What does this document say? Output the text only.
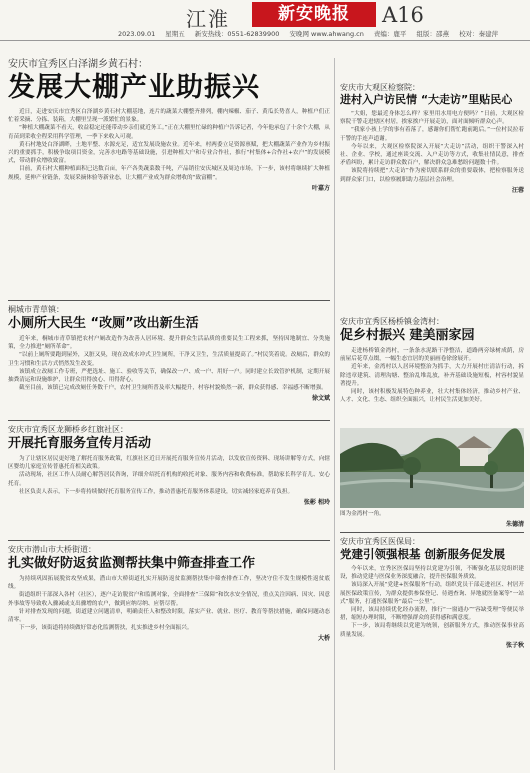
江淮	新安晚报	A16
2023.09.01 星期五 新安热线：0551-62839900 安晚网 www.ahwang.cn 责编：鹿平 组版：邵燕 校对：秦建萍
安庆市宜秀区白泽湖乡黄石村：
发展大棚产业助振兴

近日，走进安庆市宜秀区白泽湖乡黄石村大棚基地，连片的蔬菜大棚整齐排列，棚内辣椒、茄子、黄瓜长势喜人，种植户们正忙着采摘、分拣、装箱，大棚里呈现一派繁忙的景象。

“种植大棚蔬菜不看天，收益稳定还能带动乡亲们就近务工。”正在大棚里忙碌的种植户告诉记者，今年他承包了十余个大棚，从育苗到采收全程采用科学管理，一季下来收入可观。

黄石村地处白泽湖畔，土地平整、水源充足，适宜发展设施农业。近年来，村两委立足资源禀赋，把大棚蔬菜产业作为乡村振兴的重要抓手，积极争取项目资金，完善水电路等基础设施，引进种植大户和专业合作社，推行“村集体+合作社+农户”的发展模式，带动群众增收致富。

目前，黄石村大棚种植面积已达数百亩，年产各类蔬菜数千吨，产品销往安庆城区及周边市场。下一步，该村将继续扩大种植规模，延伸产业链条，发展采摘体验等新业态，让大棚产业成为群众增收的“致富棚”。

叶嘉方
安庆市大观区检察院：
进村入户访民情 “大走访”里贴民心

“大姐，您最近身体怎么样？家里用水用电方便吗？”日前，大观区检察院干警走进辖区村居，挨家挨户开展走访，面对面倾听群众心声。

“我家小孩上学的事有着落了，感谢你们帮忙跑前跑后。”一位村民拉着干警的手连声道谢。

今年以来，大观区检察院深入开展“大走访”活动，组织干警深入村社、企业、学校，通过座谈交流、入户走访等方式，收集社情民意，排查矛盾纠纷，累计走访群众数百户，解决群众急难愁盼问题数十件。

该院将持续把“大走访”作为密切联系群众的重要载体，把检察服务送到群众家门口，以检察履职助力基层社会治理。

汪蓉
桐城市青草镇：
小厕所大民生 “改厕”改出新生活

近年来，桐城市青草镇把农村户厕改造作为改善人居环境、提升群众生活品质的重要民生工程来抓，坚持因地制宜、分类施策，全力推进“厕所革命”。

“以前上厕所要跑到屋外，又脏又臭，现在改成水冲式卫生厕所，干净又卫生，生活质量提高了。”村民笑着说。改厕后，群众的卫生习惯和生活方式悄然发生改变。

该镇成立改厕工作专班，严把选址、施工、验收等关节，确保改一户、成一户、用好一户。同时建立长效管护机制，定期开展抽粪清运和设施维护，让群众用得放心、用得舒心。

截至目前，该镇已完成改厕任务数千户，农村卫生厕所普及率大幅提升，村容村貌焕然一新，群众获得感、幸福感不断增强。

徐文斌
安庆市宜秀区杨桥镇金湾村：
促乡村振兴 建美丽家园

走进杨桥镇金湾村，一条条水泥路干净整洁，道路两旁绿树成荫，房前屋后花草点缀，一幅生态宜居的美丽画卷徐徐展开。

近年来，金湾村以人居环境整治为抓手，大力开展村庄清洁行动，拆除违章建筑、清理沟塘、整治乱堆乱放，补齐基础设施短板，村容村貌显著提升。

同时，该村积极发展特色种养业，壮大村集体经济，推动乡村产业、人才、文化、生态、组织全面振兴，让村民生活更加美好。

图为金湾村一角。

朱德清
安庆市宜秀区龙狮桥乡红旗社区：
开展托育服务宣传月活动

为了让辖区居民更好地了解托育服务政策，红旗社区近日开展托育服务宣传月活动，以发放宣传资料、现场讲解等方式，向辖区婴幼儿家庭宣传普惠托育相关政策。

活动现场，社区工作人员耐心解答居民咨询，详细介绍托育机构的收托对象、服务内容和收费标准，帮助家长科学育儿、安心托育。

社区负责人表示，下一步将持续做好托育服务宣传工作，推动普惠托育服务体系建设，切实减轻家庭养育负担。

张彬 相玲
安庆市宜秀区医保局：
党建引领强根基 创新服务促发展

今年以来，宜秀区医保局坚持以党建为引领，不断强化基层党组织建设，推动党建与医保业务深度融合，提升医保服务质效。

该局深入开展“党建+医保服务”行动，组织党员干部走进社区、村居开展医保政策宣传，为群众提供参保登记、待遇查询、异地就医备案等“一站式”服务，打通医保服务“最后一公里”。

同时，该局持续优化经办流程，推行“一窗通办”“容缺受理”等便民举措，缩短办理时限，不断增强群众的获得感和满意度。

下一步，该局将继续以党建为统领，创新服务方式，推动医保事业高质量发展。

张子秋
安庆市潜山市大桥街道：
扎实做好防返贫监测帮扶集中筛查排查工作

为持续巩固拓展脱贫攻坚成果，潜山市大桥街道扎实开展防返贫监测帮扶集中筛查排查工作，坚决守住不发生规模性返贫底线。

街道组织干部深入各村（社区），逐户走访脱贫户和监测对象，全面排查“三保障”和饮水安全情况，重点关注因病、因灾、因意外事故等导致收入骤减或支出骤增的农户，做到应纳尽纳、应帮尽帮。

针对排查发现的问题，街道建立问题清单，明确责任人和整改时限，落实产业、就业、医疗、教育等帮扶措施，确保问题动态清零。

下一步，该街道将持续做好常态化监测帮扶，扎实推进乡村全面振兴。

大桥
